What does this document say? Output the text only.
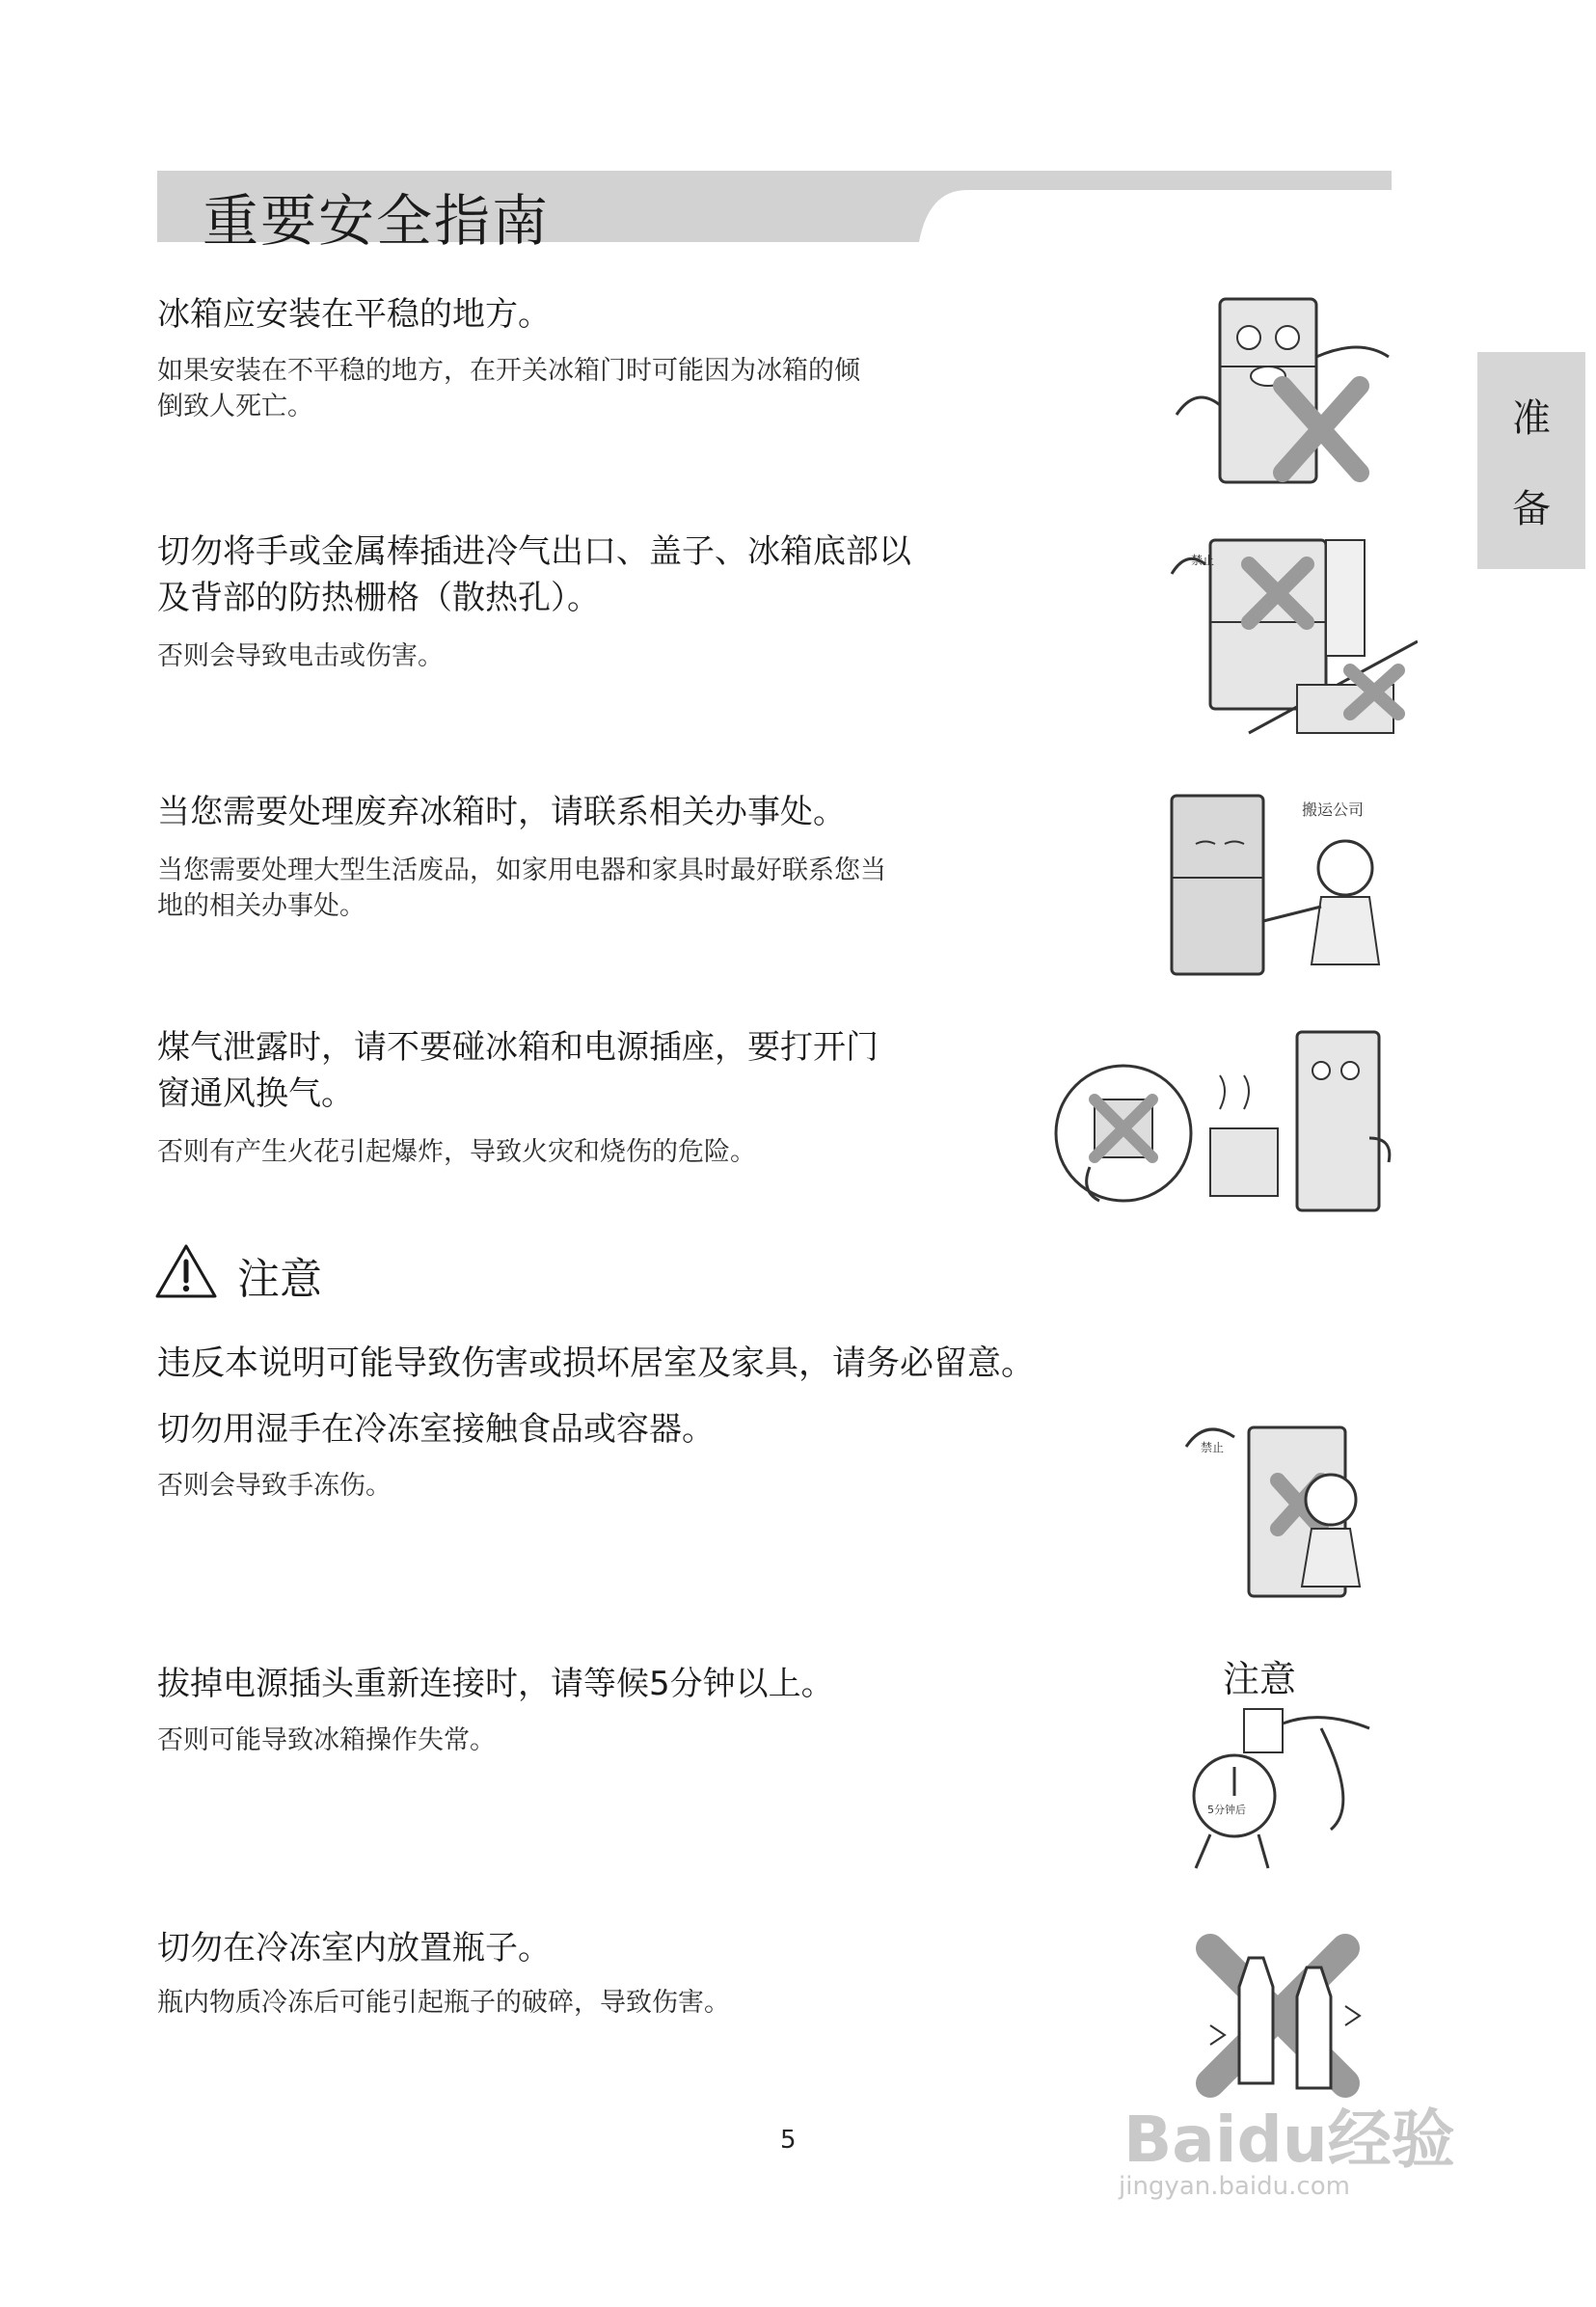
重要安全指南
准
备
冰箱应安装在平稳的地方。
如果安装在不平稳的地方，在开关冰箱门时可能因为冰箱的倾
倒致人死亡。
切勿将手或金属棒插进冷气出口、盖子、冰箱底部以
及背部的防热栅格（散热孔）。
否则会导致电击或伤害。
禁止
当您需要处理废弃冰箱时，请联系相关办事处。
当您需要处理大型生活废品，如家用电器和家具时最好联系您当
地的相关办事处。
搬运公司
煤气泄露时，请不要碰冰箱和电源插座，要打开门
窗通风换气。
否则有产生火花引起爆炸，导致火灾和烧伤的危险。
注意
违反本说明可能导致伤害或损坏居室及家具，请务必留意。
切勿用湿手在冷冻室接触食品或容器。
否则会导致手冻伤。
禁止
拔掉电源插头重新连接时，请等候5分钟以上。
否则可能导致冰箱操作失常。
注意
5分钟后
切勿在冷冻室内放置瓶子。
瓶内物质冷冻后可能引起瓶子的破碎，导致伤害。
5	Baidu经验
jingyan.baidu.com
